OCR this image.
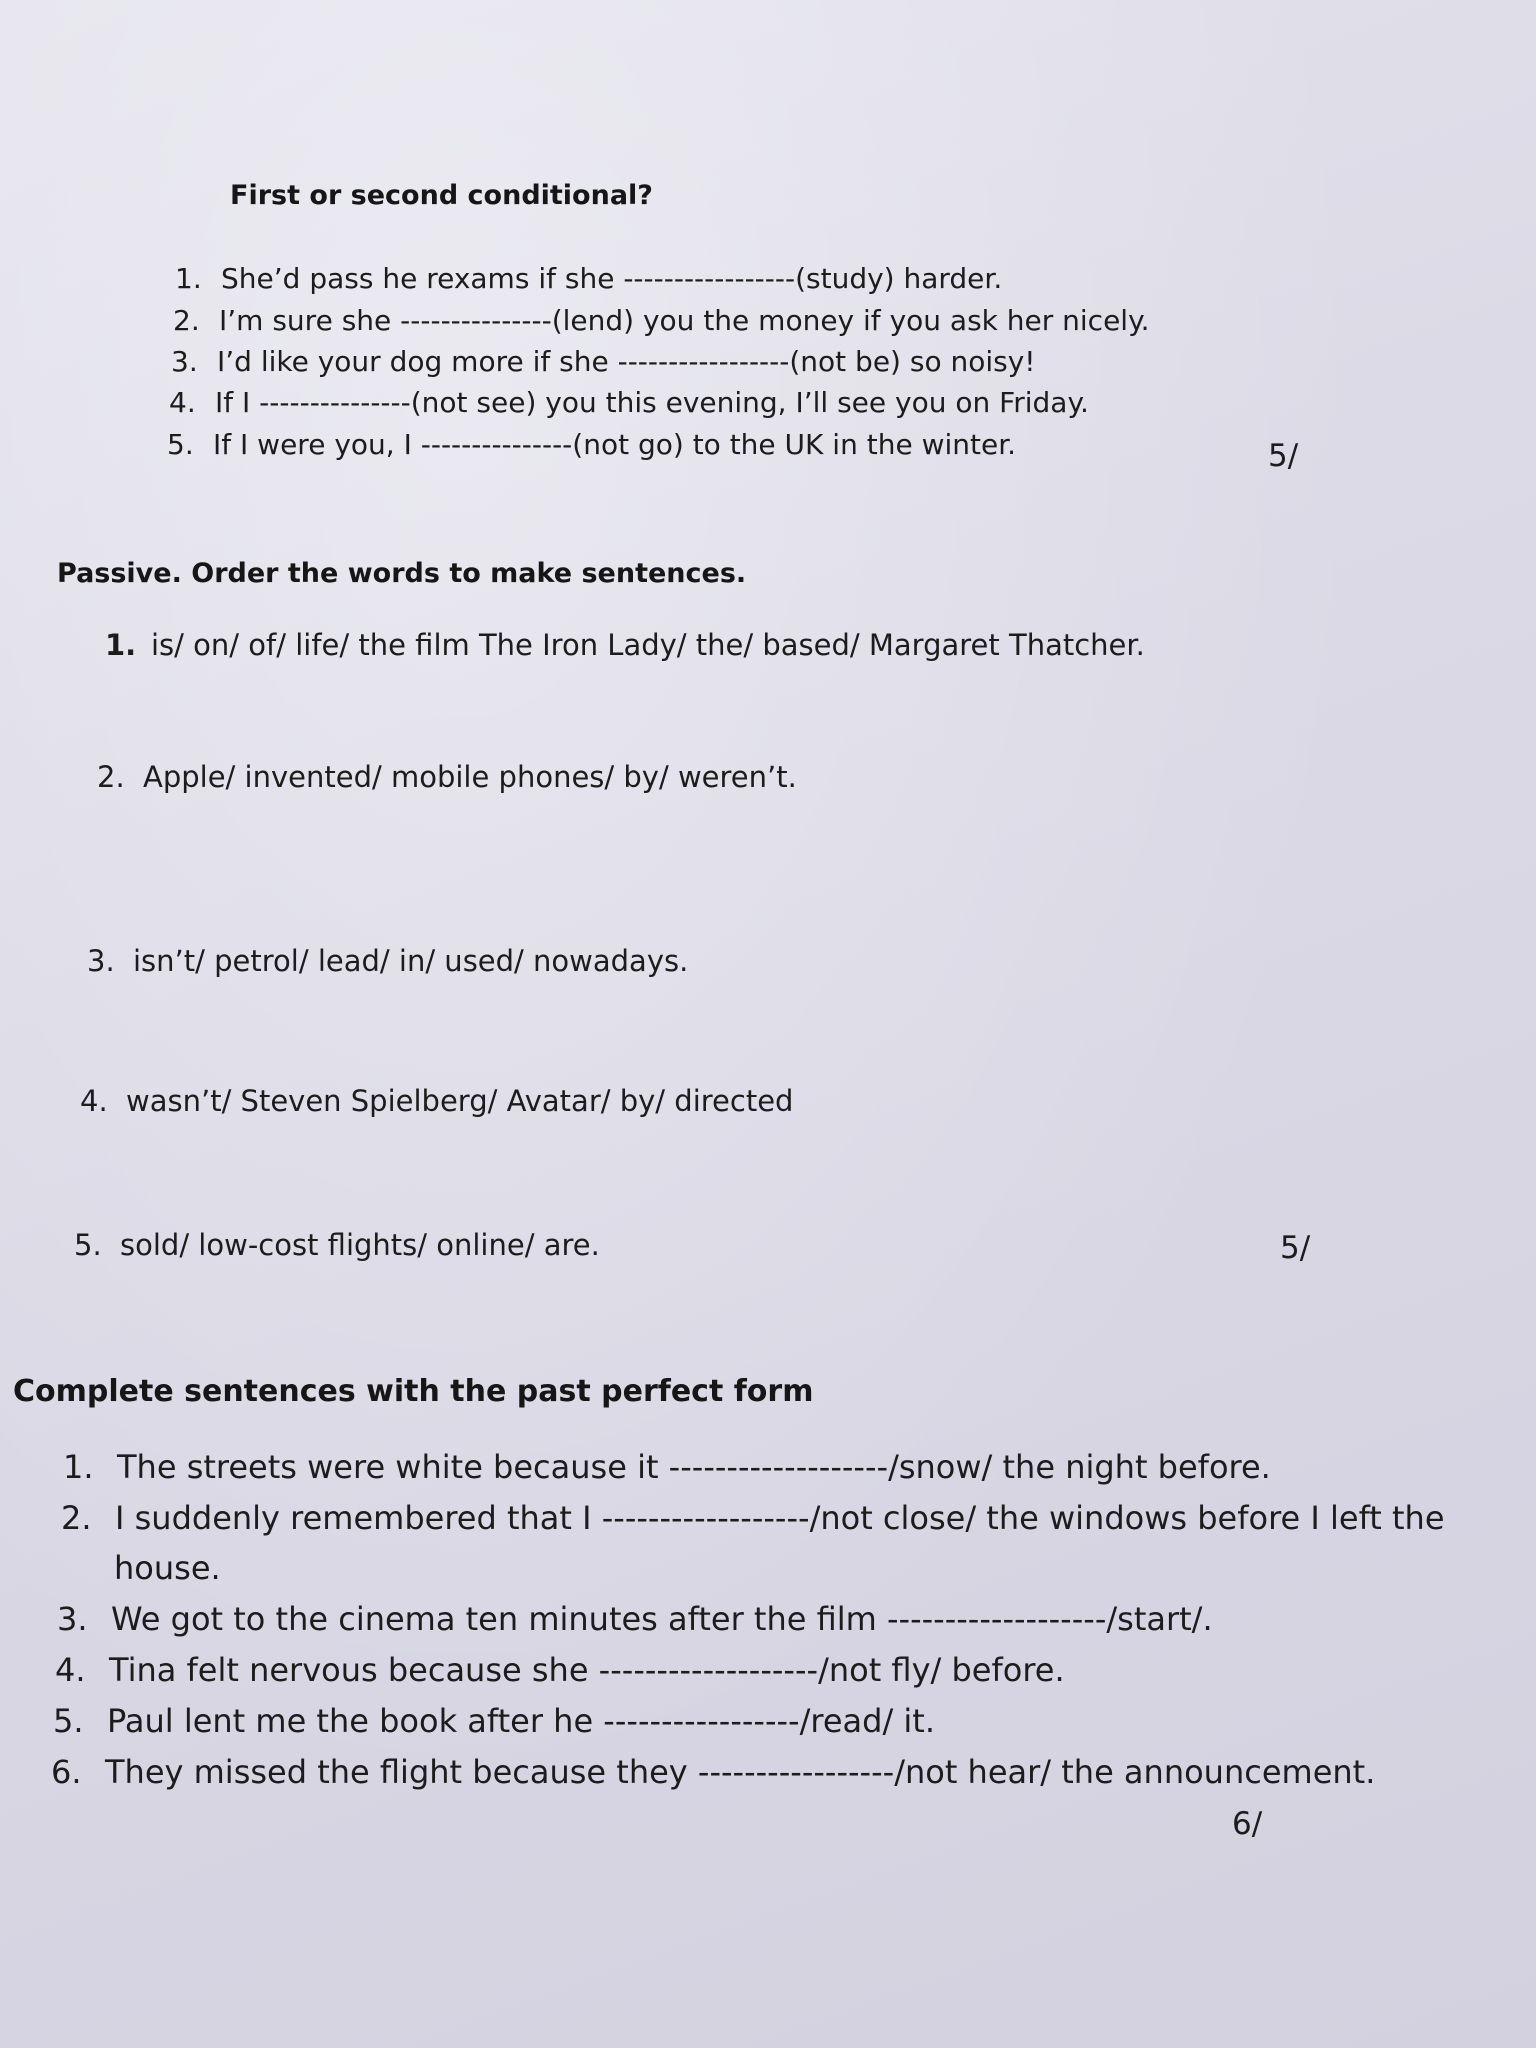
First or second conditional?
1. She’d pass he rexams if she -----------------(study) harder.
2. I’m sure she ---------------(lend) you the money if you ask her nicely.
3. I’d like your dog more if she -----------------(not be) so noisy!
4. If I ---------------(not see) you this evening, I’ll see you on Friday.
5. If I were you, I ---------------(not go) to the UK in the winter.	5/
Passive. Order the words to make sentences.
1. is/ on/ of/ life/ the film The Iron Lady/ the/ based/ Margaret Thatcher.
2. Apple/ invented/ mobile phones/ by/ weren’t.
3. isn’t/ petrol/ lead/ in/ used/ nowadays.
4. wasn’t/ Steven Spielberg/ Avatar/ by/ directed
5. sold/ low-cost flights/ online/ are.	5/
Complete sentences with the past perfect form
1. The streets were white because it -------------------/snow/ the night before.
2. I suddenly remembered that I ------------------/not close/ the windows before I left the
house.
3. We got to the cinema ten minutes after the film -------------------/start/.
4. Tina felt nervous because she -------------------/not fly/ before.
5. Paul lent me the book after he -----------------/read/ it.
6. They missed the flight because they -----------------/not hear/ the announcement.
6/
